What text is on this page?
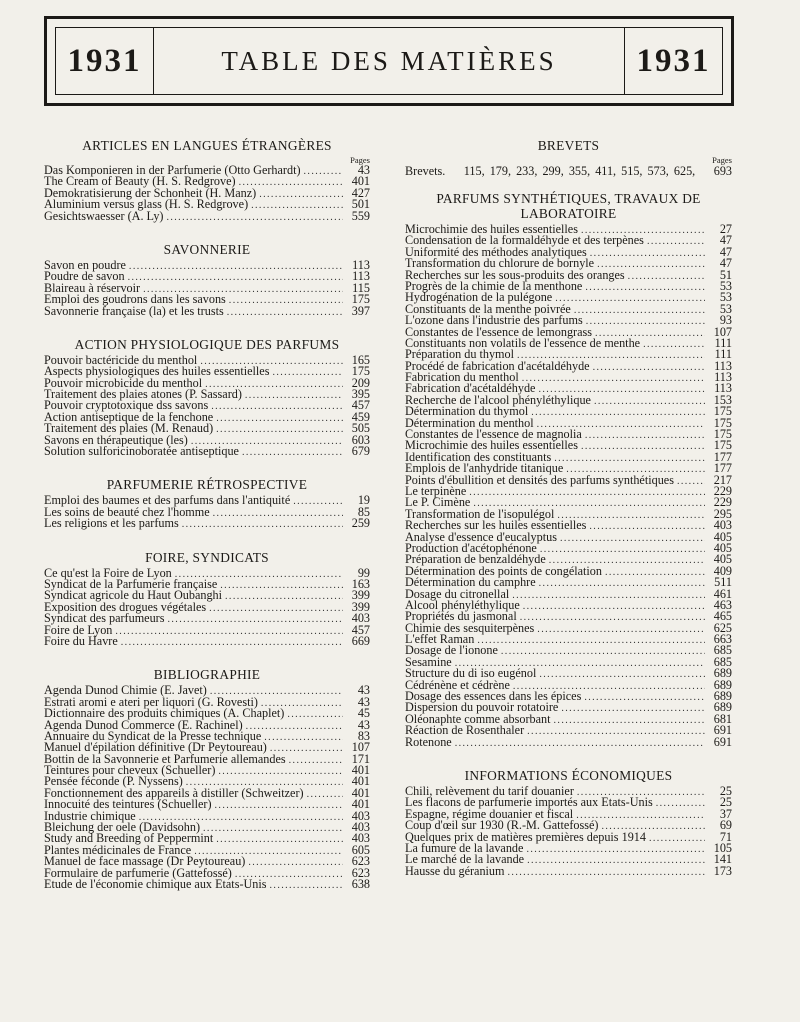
1931	TABLE DES MATIÈRES	1931
ARTICLES EN LANGUES ÉTRANGÈRES
Pages
Das Komponieren in der Parfumerie (Otto Gerhardt) .....	43
The Cream of Beauty (H. S. Redgrove) .....	401
Demokratisierung der Schonheit (H. Manz) .....	427
Aluminium versus glass (H. S. Redgrove) .....	501
Gesichtswaesser (A. Ly) .....	559
SAVONNERIE
Savon en poudre .....	113
Poudre de savon .....	113
Blaireau à réservoir .....	115
Emploi des goudrons dans les savons .....	175
Savonnerie française (la) et les trusts .....	397
ACTION PHYSIOLOGIQUE DES PARFUMS
Pouvoir bactéricide du menthol .....	165
Aspects physiologiques des huiles essentielles .....	175
Pouvoir microbicide du menthol .....	209
Traitement des plaies atones (P. Sassard) .....	395
Pouvoir cryptotoxique dss savons .....	457
Action antiseptique de la fenchone .....	459
Traitement des plaies (M. Renaud) .....	505
Savons en thérapeutique (les) .....	603
Solution sulforicinoboratée antiseptique .....	679
PARFUMERIE RÉTROSPECTIVE
Emploi des baumes et des parfums dans l'antiquité .....	19
Les soins de beauté chez l'homme .....	85
Les religions et les parfums .....	259
FOIRE, SYNDICATS
Ce qu'est la Foire de Lyon .....	99
Syndicat de la Parfumerie française .....	163
Syndicat agricole du Haut Oubanghi .....	399
Exposition des drogues végétales .....	399
Syndicat des parfumeurs .....	403
Foire de Lyon .....	457
Foire du Havre .....	669
BIBLIOGRAPHIE
Agenda Dunod Chimie (E. Javet) .....	43
Estrati aromi e ateri per liquori (G. Rovesti) .....	43
Dictionnaire des produits chimiques (A. Chaplet) .....	45
Agenda Dunod Commerce (E. Rachinel) .....	43
Annuaire du Syndicat de la Presse technique .....	83
Manuel d'épilation définitive (Dr Peytoureau) .....	107
Bottin de la Savonnerie et Parfumerie allemandes .....	171
Teintures pour cheveux (Schueller) .....	401
Pensée féconde (P. Nyssens) .....	401
Fonctionnement des appareils à distiller (Schweitzer) .....	401
Innocuité des teintures (Schueller) .....	401
Industrie chimique .....	403
Bleichung der oele (Davidsohn) .....	403
Study and Breeding of Peppermint .....	403
Plantes médicinales de France .....	605
Manuel de face massage (Dr Peytoureau) .....	623
Formulaire de parfumerie (Gattefossé) .....	623
Etude de l'économie chimique aux Etats-Unis .....	638
BREVETS
Pages
Brevets. 115, 179, 233, 299, 355, 411, 515, 573, 625, 693
PARFUMS SYNTHÉTIQUES, TRAVAUX DE LABORATOIRE
Microchimie des huiles essentielles .....	27
Condensation de la formaldéhyde et des terpènes .....	47
Uniformité des méthodes analytiques .....	47
Transformation du chlorure de bornyle .....	47
Recherches sur les sous-produits des oranges .....	51
Progrès de la chimie de la menthone .....	53
Hydrogénation de la pulégone .....	53
Constituants de la menthe poivrée .....	53
L'ozone dans l'industrie des parfums .....	93
Constantes de l'essence de lemongrass .....	107
Constituants non volatils de l'essence de menthe .....	111
Préparation du thymol .....	111
Procédé de fabrication d'acétaldéhyde .....	113
Fabrication du menthol .....	113
Fabrication d'acétaldéhyde .....	113
Recherche de l'alcool phényléthylique .....	153
Détermination du thymol .....	175
Détermination du menthol .....	175
Constantes de l'essence de magnolia .....	175
Microchimie des huiles essentielles .....	175
Identification des constituants .....	177
Emplois de l'anhydride titanique .....	177
Points d'ébullition et densités des parfums synthétiques .....	217
Le terpinène .....	229
Le P. Cimène .....	229
Transformation de l'isopulégol .....	295
Recherches sur les huiles essentielles .....	403
Analyse d'essence d'eucalyptus .....	405
Production d'acétophénone .....	405
Préparation de benzaldéhyde .....	405
Détermination des points de congélation .....	409
Détermination du camphre .....	511
Dosage du citronellal .....	461
Alcool phényléthylique .....	463
Propriétés du jasmonal .....	465
Chimie des sesquiterpènes .....	625
L'effet Raman .....	663
Dosage de l'ionone .....	685
Sesamine .....	685
Structure du di iso eugénol .....	689
Cédrénène et cédrène .....	689
Dosage des essences dans les épices .....	689
Dispersion du pouvoir rotatoire .....	689
Oléonaphte comme absorbant .....	681
Réaction de Rosenthaler .....	691
Rotenone .....	691
INFORMATIONS ÉCONOMIQUES
Chili, relèvement du tarif douanier .....	25
Les flacons de parfumerie importés aux Etats-Unis .....	25
Espagne, régime douanier et fiscal .....	37
Coup d'œil sur 1930 (R.-M. Gattefossé) .....	69
Quelques prix de matières premières depuis 1914 .....	71
La fumure de la lavande .....	105
Le marché de la lavande .....	141
Hausse du géranium .....	173
